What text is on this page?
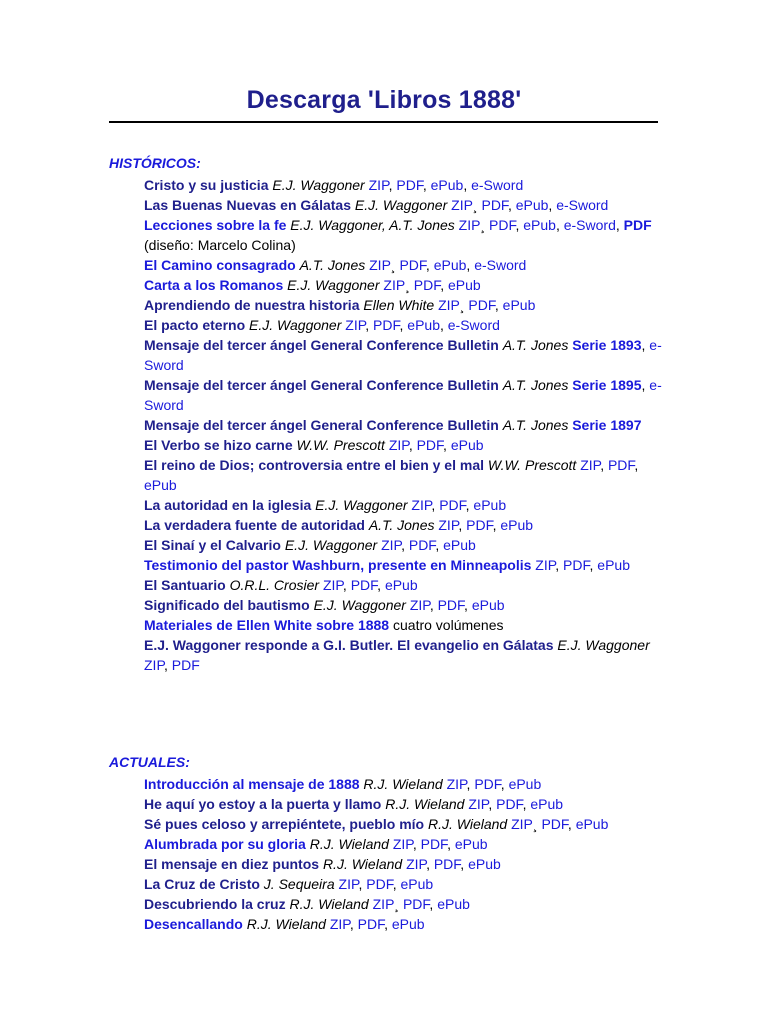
Descarga 'Libros 1888'
HISTÓRICOS:
Cristo y su justicia E.J. Waggoner ZIP, PDF, ePub, e-Sword
Las Buenas Nuevas en Gálatas E.J. Waggoner ZIP¸ PDF, ePub, e-Sword
Lecciones sobre la fe E.J. Waggoner, A.T. Jones ZIP¸ PDF, ePub, e-Sword, PDF (diseño: Marcelo Colina)
El Camino consagrado A.T. Jones ZIP¸ PDF, ePub, e-Sword
Carta a los Romanos E.J. Waggoner ZIP¸ PDF, ePub
Aprendiendo de nuestra historia Ellen White ZIP¸ PDF, ePub
El pacto eterno E.J. Waggoner ZIP, PDF, ePub, e-Sword
Mensaje del tercer ángel General Conference Bulletin A.T. Jones Serie 1893, e-Sword
Mensaje del tercer ángel General Conference Bulletin A.T. Jones Serie 1895, e-Sword
Mensaje del tercer ángel General Conference Bulletin A.T. Jones Serie 1897
El Verbo se hizo carne W.W. Prescott ZIP, PDF, ePub
El reino de Dios; controversia entre el bien y el mal W.W. Prescott ZIP, PDF, ePub
La autoridad en la iglesia E.J. Waggoner ZIP, PDF, ePub
La verdadera fuente de autoridad A.T. Jones ZIP, PDF, ePub
El Sinaí y el Calvario E.J. Waggoner ZIP, PDF, ePub
Testimonio del pastor Washburn, presente en Minneapolis ZIP, PDF, ePub
El Santuario O.R.L. Crosier ZIP, PDF, ePub
Significado del bautismo E.J. Waggoner ZIP, PDF, ePub
Materiales de Ellen White sobre 1888 cuatro volúmenes
E.J. Waggoner responde a G.I. Butler. El evangelio en Gálatas E.J. Waggoner ZIP, PDF
ACTUALES:
Introducción al mensaje de 1888 R.J. Wieland ZIP, PDF, ePub
He aquí yo estoy a la puerta y llamo R.J. Wieland ZIP, PDF, ePub
Sé pues celoso y arrepiéntete, pueblo mío R.J. Wieland ZIP¸ PDF, ePub
Alumbrada por su gloria R.J. Wieland ZIP, PDF, ePub
El mensaje en diez puntos R.J. Wieland ZIP, PDF, ePub
La Cruz de Cristo J. Sequeira ZIP, PDF, ePub
Descubriendo la cruz R.J. Wieland ZIP¸ PDF, ePub
Desencallando R.J. Wieland ZIP, PDF, ePub
